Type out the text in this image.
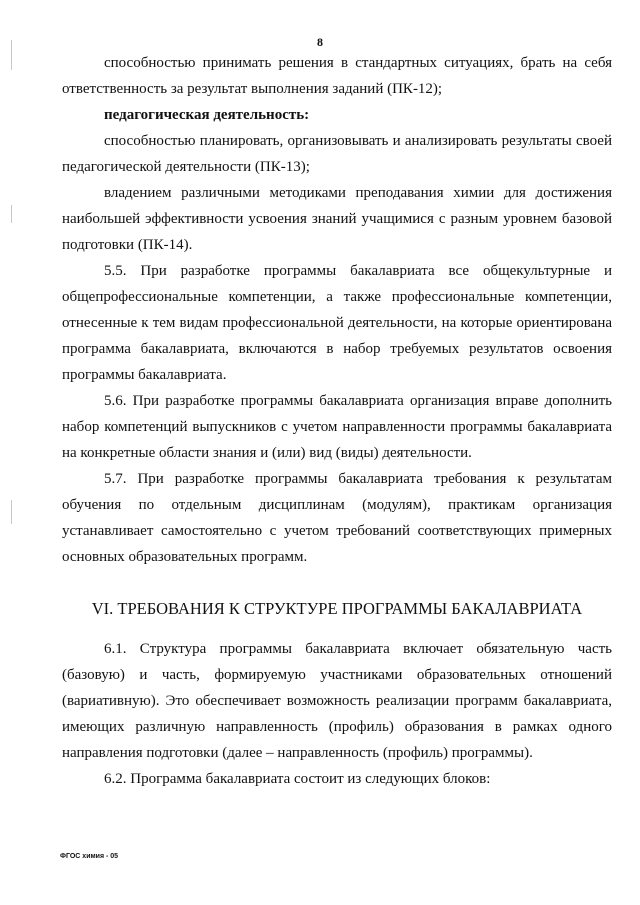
8

способностью принимать решения в стандартных ситуациях, брать на себя ответственность за результат выполнения заданий (ПК-12);

педагогическая деятельность:

способностью планировать, организовывать и анализировать результаты своей педагогической деятельности (ПК-13);

владением различными методиками преподавания химии для достижения наибольшей эффективности усвоения знаний учащимися с разным уровнем базовой подготовки (ПК-14).

5.5. При разработке программы бакалавриата все общекультурные и общепрофессиональные компетенции, а также профессиональные компетенции, отнесенные к тем видам профессиональной деятельности, на которые ориентирована программа бакалавриата, включаются в набор требуемых результатов освоения программы бакалавриата.

5.6. При разработке программы бакалавриата организация вправе дополнить набор компетенций выпускников с учетом направленности программы бакалавриата на конкретные области знания и (или) вид (виды) деятельности.

5.7. При разработке программы бакалавриата требования к результатам обучения по отдельным дисциплинам (модулям), практикам организация устанавливает самостоятельно с учетом требований соответствующих примерных основных образовательных программ.

VI. ТРЕБОВАНИЯ К СТРУКТУРЕ ПРОГРАММЫ БАКАЛАВРИАТА

6.1. Структура программы бакалавриата включает обязательную часть (базовую) и часть, формируемую участниками образовательных отношений (вариативную). Это обеспечивает возможность реализации программ бакалавриата, имеющих различную направленность (профиль) образования в рамках одного направления подготовки (далее – направленность (профиль) программы).

6.2. Программа бакалавриата состоит из следующих блоков:

ФГОС химия - 05
